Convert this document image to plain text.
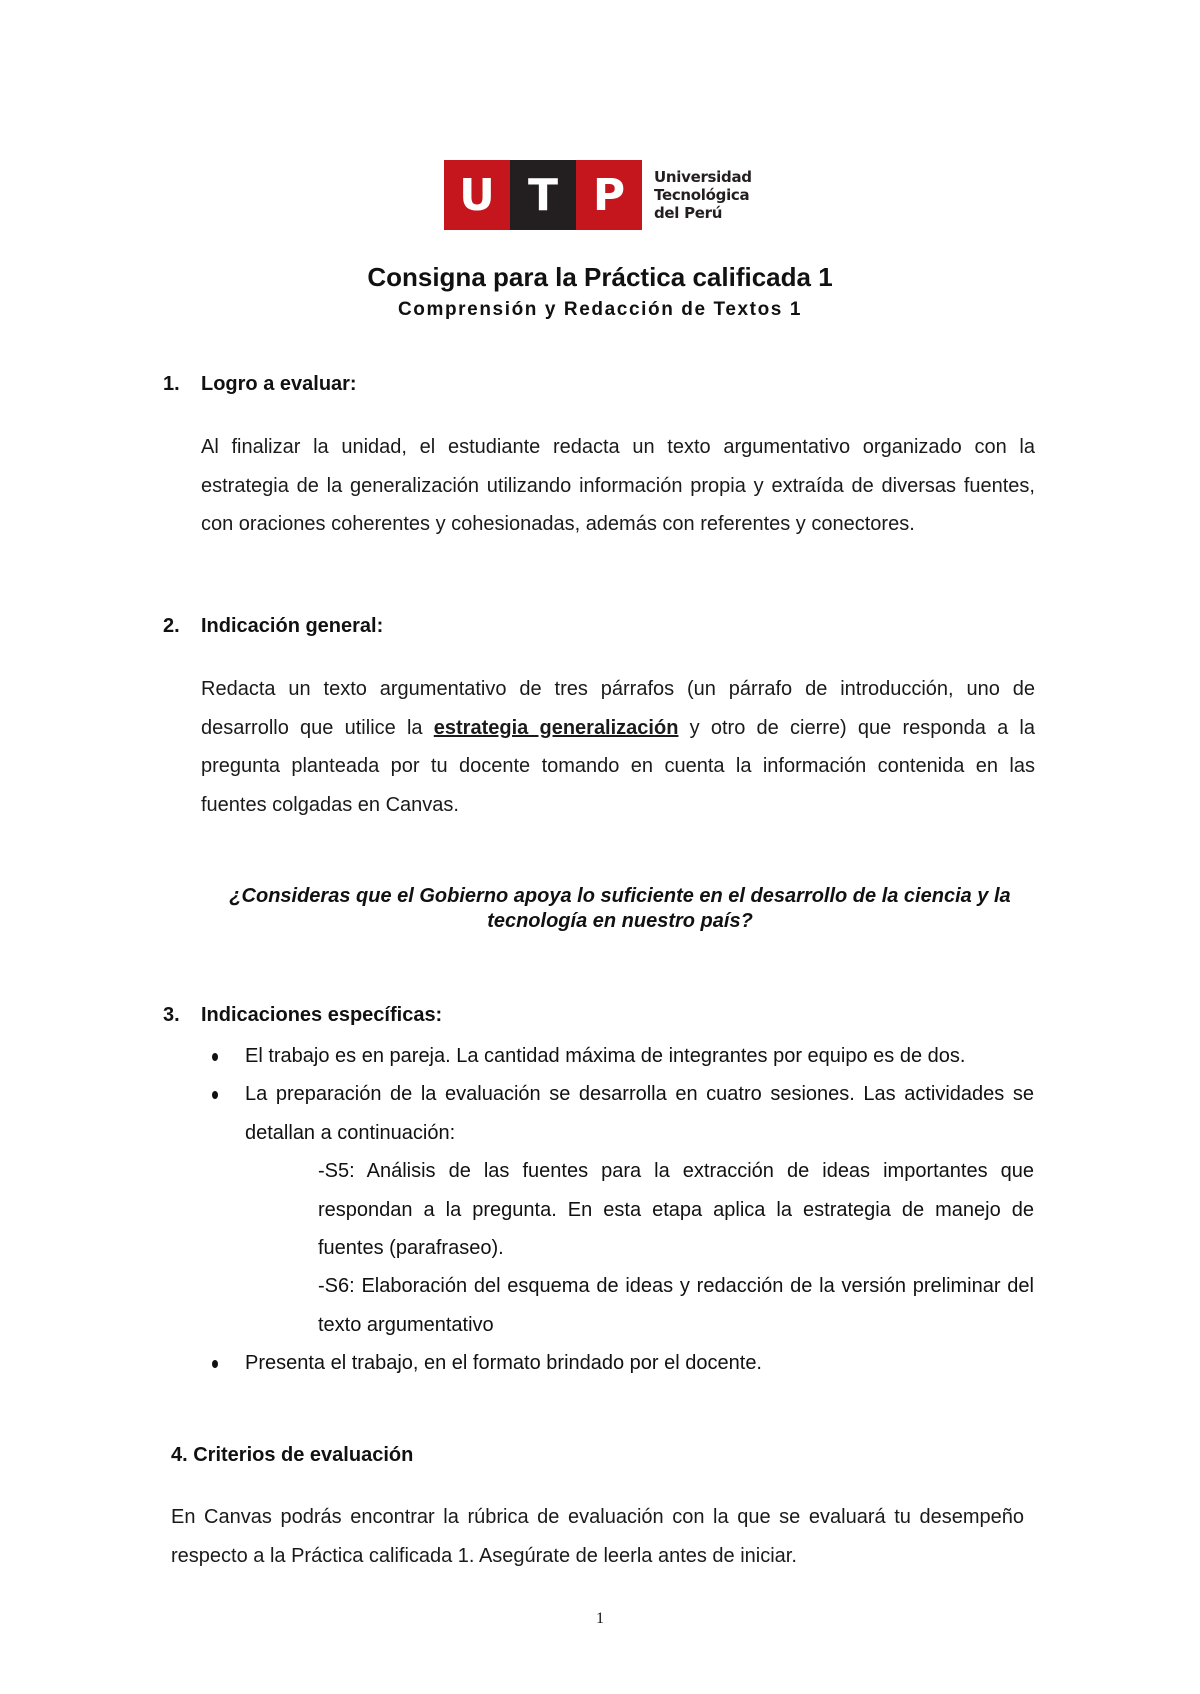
U T P	Universidad
Tecnológica
del Perú
Consigna para la Práctica calificada 1
Comprensión y Redacción de Textos 1
1. Logro a evaluar:
Al finalizar la unidad, el estudiante redacta un texto argumentativo organizado con la estrategia de la generalización utilizando información propia y extraída de diversas fuentes, con oraciones coherentes y cohesionadas, además con referentes y conectores.
2. Indicación general:
Redacta un texto argumentativo de tres párrafos (un párrafo de introducción, uno de desarrollo que utilice la estrategia generalización y otro de cierre) que responda a la pregunta planteada por tu docente tomando en cuenta la información contenida en las fuentes colgadas en Canvas.
¿Consideras que el Gobierno apoya lo suficiente en el desarrollo de la ciencia y la tecnología en nuestro país?
3. Indicaciones específicas:
El trabajo es en pareja. La cantidad máxima de integrantes por equipo es de dos.
La preparación de la evaluación se desarrolla en cuatro sesiones. Las actividades se detallan a continuación:
-S5: Análisis de las fuentes para la extracción de ideas importantes que respondan a la pregunta. En esta etapa aplica la estrategia de manejo de fuentes (parafraseo).
-S6: Elaboración del esquema de ideas y redacción de la versión preliminar del texto argumentativo
Presenta el trabajo, en el formato brindado por el docente.
4. Criterios de evaluación
En Canvas podrás encontrar la rúbrica de evaluación con la que se evaluará tu desempeño respecto a la Práctica calificada 1. Asegúrate de leerla antes de iniciar.
1
